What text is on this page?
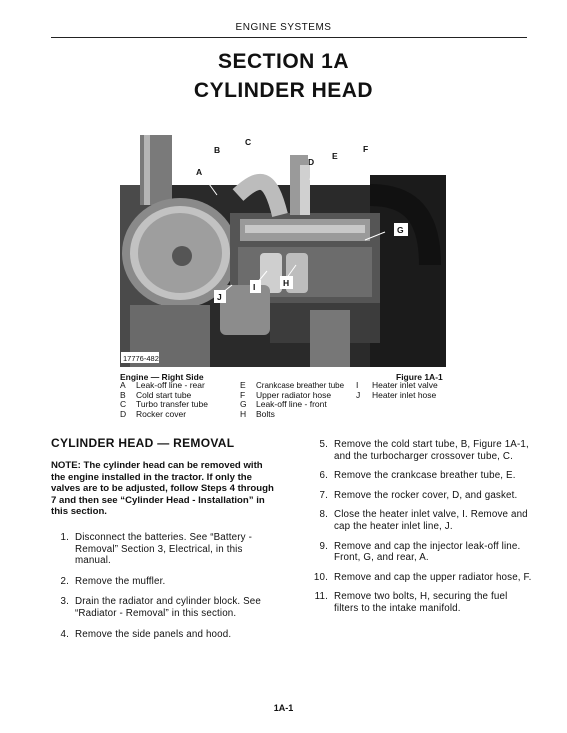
ENGINE SYSTEMS
SECTION 1A
CYLINDER HEAD
17776-482
C
B
A
D
E
F
G
H
I
J
Engine — Right Side	Figure 1A-1
A	Leak-off line - rear
B	Cold start tube
C	Turbo transfer tube
D	Rocker cover
E	Crankcase breather tube
F	Upper radiator hose
G	Leak-off line - front
H	Bolts
I	Heater inlet valve
J	Heater inlet hose
CYLINDER HEAD — REMOVAL

NOTE: The cylinder head can be removed with the engine installed in the tractor. If only the valves are to be adjusted, follow Steps 4 through 7 and then see “Cylinder Head - Installation” in this section.

1. Disconnect the batteries. See “Battery - Removal” Section 3, Electrical, in this manual.
2. Remove the muffler.
3. Drain the radiator and cylinder block. See “Radiator - Removal” in this section.
4. Remove the side panels and hood.
5. Remove the cold start tube, B, Figure 1A-1, and the turbocharger crossover tube, C.
6. Remove the crankcase breather tube, E.
7. Remove the rocker cover, D, and gasket.
8. Close the heater inlet valve, I. Remove and cap the heater inlet line, J.
9. Remove and cap the injector leak-off line. Front, G, and rear, A.
10. Remove and cap the upper radiator hose, F.
11. Remove two bolts, H, securing the fuel filters to the intake manifold.
1A-1
